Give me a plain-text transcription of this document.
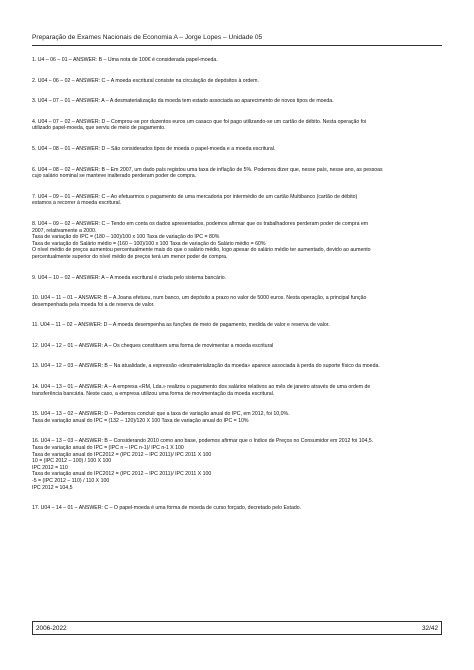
Preparação de Exames Nacionais de Economia A – Jorge Lopes – Unidade 05
1. U4 – 06 – 01 – ANSWER: B – Uma nota de 100€ é considerada papel-moeda.
2. U04 – 06 – 02 – ANSWER: C – A moeda escritural consiste na circulação de depósitos à ordem.
3. U04 – 07 – 01 – ANSWER: A – A desmaterialização da moeda tem estado associada ao aparecimento de novos tipos de moeda.
4. U04 – 07 – 02 – ANSWER: D – Comprou-se por duzentos euros um casaco que foi pago utilizando-se um cartão de débito. Nesta operação foi
utilizado papel-moeda, que serviu de meio de pagamento.
5. U04 – 08 – 01 – ANSWER: D – São considerados tipos de moeda o papel-moeda e a moeda escritural.
6. U04 – 08 – 02 – ANSWER: B – Em 2007, um dado país registou uma taxa de inflação de 5%. Podemos dizer que, nesse país, nesse ano, as pessoas
cujo salário nominal se manteve inalterado perderam poder de compra.
7. U04 – 09 – 01 – ANSWER: C – Ao efetuarmos o pagamento de uma mercadoria por intermédio de um cartão Multibanco (cartão de débito)
estamos a recorrer à moeda escritural.
8. U04 – 09 – 02 – ANSWER: C – Tendo em conta os dados apresentados, podemos afirmar que os trabalhadores perderam poder de compra em
2007, relativamente a 2000.
Taxa de variação do IPC = (180 – 100)/100 x 100 Taxa de variação do IPC = 80%
Taxa de variação do Salário médio = (160 – 100)/100 x 100 Taxa de variação do Salário médio = 60%
O nível médio de preços aumentou percentualmente mais do que o salário médio, logo apesar do salário médio ter aumentado, devido ao aumento
percentualmente superior do nível médio de preços terá um menor poder de compra.
9. U04 – 10 – 02 – ANSWER: A – A moeda escritural é criada pelo sistema bancário.
10. U04 – 11 – 01 – ANSWER: B – A Joana efetuou, num banco, um depósito a prazo no valor de 5000 euros. Nesta operação, a principal função
desempenhada pela moeda foi a de reserva de valor.
11. U04 – 11 – 02 – ANSWER: D – A moeda desempenha as funções de meio de pagamento, medida de valor e reserva de valor.
12. U04 – 12 – 01 – ANSWER: A – Os cheques constituem uma forma de movimentar a moeda escritural
13. U04 – 12 – 03 – ANSWER: B – Na atualidade, a expressão «desmaterialização da moeda» aparece associada à perda do suporte físico da moeda.
14. U04 – 13 – 01 – ANSWER: A – A empresa «RM, Lda.» realizou o pagamento dos salários relativos ao mês de janeiro através de uma ordem de
transferência bancária. Neste caso, a empresa utilizou uma forma de movimentação da moeda escritural.
15. U04 – 13 – 02 – ANSWER: D – Podemos concluir que a taxa de variação anual do IPC, em 2012, foi 10,0%.
Taxa de variação anual do IPC = (132 – 120)/120 X 100 Taxa de variação anual do IPC = 10%
16. U04 – 13 – 03 – ANSWER: B – Considerando 2010 como ano base, podemos afirmar que o Índice de Preços no Consumidor em 2012 foi 104,5.
Taxa de variação anual do IPC = (IPC n – IPC n-1)/ IPC n-1 X 100
Taxa de variação anual do IPC2012 = (IPC 2012 – IPC 2011)/ IPC 2011 X 100
10 = (IPC 2012 – 100) / 100 X 100
IPC 2012 = 110
Taxa de variação anual do IPC2012 = (IPC 2012 – IPC 2011)/ IPC 2011 X 100
-5 = (IPC 2012 – 110) / 110 X 100
IPC 2012 = 104,5
17. U04 – 14 – 01 – ANSWER: C – O papel-moeda é uma forma de moeda de curso forçado, decretado pelo Estado.
2006-2022	32/42
